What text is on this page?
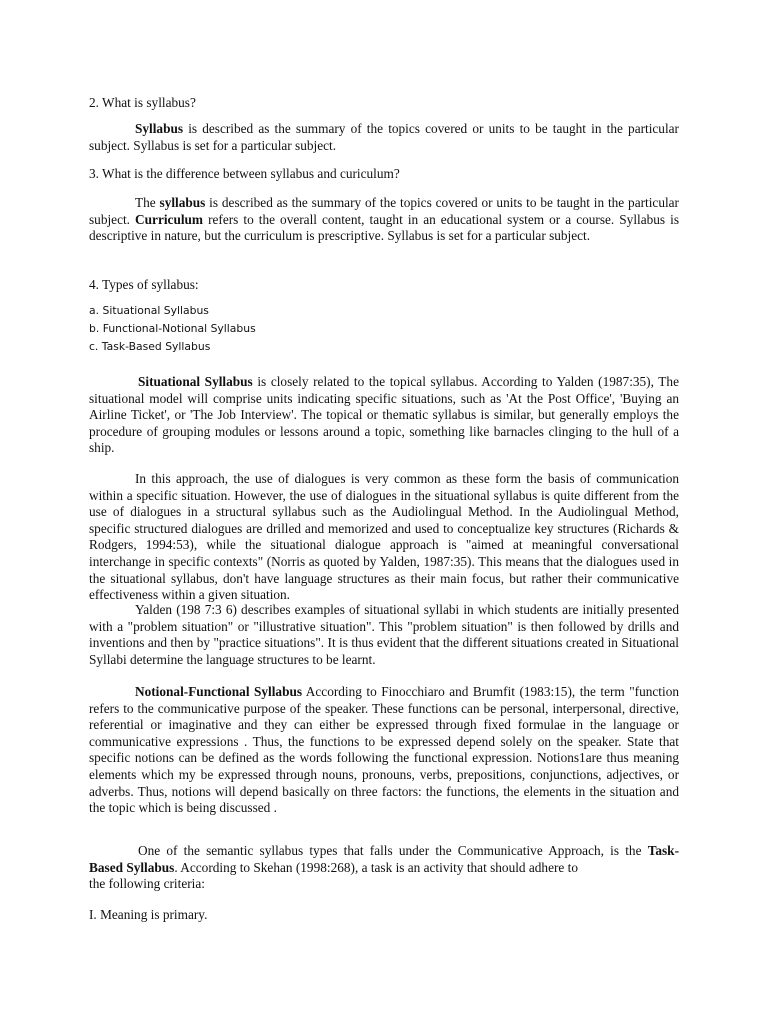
2. What is syllabus?

Syllabus is described as the summary of the topics covered or units to be taught in the particular subject. Syllabus is set for a particular subject.

3. What is the difference between syllabus and curiculum?

The syllabus is described as the summary of the topics covered or units to be taught in the particular subject. Curriculum refers to the overall content, taught in an educational system or a course. Syllabus is descriptive in nature, but the curriculum is prescriptive. Syllabus is set for a particular subject.

4. Types of syllabus:

a. Situational Syllabus
b. Functional-Notional Syllabus
c. Task-Based Syllabus

Situational Syllabus is closely related to the topical syllabus. According to Yalden (1987:35), The situational model will comprise units indicating specific situations, such as 'At the Post Office', 'Buying an Airline Ticket', or 'The Job Interview'. The topical or thematic syllabus is similar, but generally employs the procedure of grouping modules or lessons around a topic, something like barnacles clinging to the hull of a ship.

In this approach, the use of dialogues is very common as these form the basis of communication within a specific situation. However, the use of dialogues in the situational syllabus is quite different from the use of dialogues in a structural syllabus such as the Audiolingual Method. In the Audiolingual Method, specific structured dialogues are drilled and memorized and used to conceptualize key structures (Richards & Rodgers, 1994:53), while the situational dialogue approach is "aimed at meaningful conversational interchange in specific contexts" (Norris as quoted by Yalden, 1987:35). This means that the dialogues used in the situational syllabus, don't have language structures as their main focus, but rather their communicative effectiveness within a given situation.

Yalden (198 7:3 6) describes examples of situational syllabi in which students are initially presented with a "problem situation" or "illustrative situation". This "problem situation" is then followed by drills and inventions and then by "practice situations". It is thus evident that the different situations created in Situational Syllabi determine the language structures to be learnt.

Notional-Functional Syllabus According to Finocchiaro and Brumfit (1983:15), the term "function refers to the communicative purpose of the speaker. These functions can be personal, interpersonal, directive, referential or imaginative and they can either be expressed through fixed formulae in the language or communicative expressions . Thus, the functions to be expressed depend solely on the speaker. State that specific notions can be defined as the words following the functional expression. Notions1are thus meaning elements which my be expressed through nouns, pronouns, verbs, prepositions, conjunctions, adjectives, or adverbs. Thus, notions will depend basically on three factors: the functions, the elements in the situation and the topic which is being discussed .

One of the semantic syllabus types that falls under the Communicative Approach, is the Task-
Based Syllabus. According to Skehan (1998:268), a task is an activity that should adhere to
the following criteria:

I. Meaning is primary.
